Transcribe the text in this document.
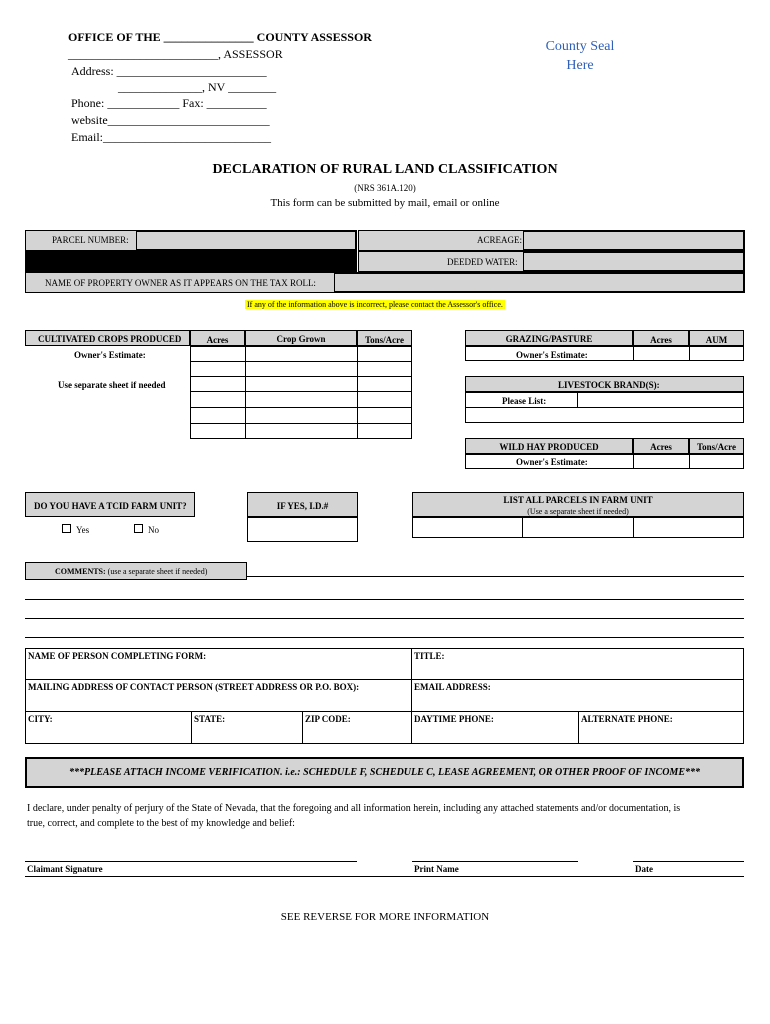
OFFICE OF THE _______________ COUNTY ASSESSOR
_________________________, ASSESSOR
Address: _________________________
______________, NV ________
Phone: ____________ Fax: __________
website___________________________
Email:____________________________
County Seal
Here
DECLARATION OF RURAL LAND CLASSIFICATION
(NRS 361A.120)
This form can be submitted by mail, email or online
PARCEL NUMBER:	ACREAGE:
DEEDED WATER:
NAME OF PROPERTY OWNER AS IT APPEARS ON THE TAX ROLL:
If any of the information above is incorrect, please contact the Assessor's office.
CULTIVATED CROPS PRODUCED	Acres	Crop Grown	Tons/Acre
Owner's Estimate:
Use separate sheet if needed
GRAZING/PASTURE	Acres	AUM
Owner's Estimate:
LIVESTOCK BRAND(S):
Please List:
WILD HAY PRODUCED	Acres	Tons/Acre
Owner's Estimate:
DO YOU HAVE A TCID FARM UNIT?
Yes	No
IF YES, I.D.#
LIST ALL PARCELS IN FARM UNIT
(Use a separate sheet if needed)
COMMENTS: (use a separate sheet if needed)
NAME OF PERSON COMPLETING FORM:	TITLE:
MAILING ADDRESS OF CONTACT PERSON (STREET ADDRESS OR P.O. BOX):	EMAIL ADDRESS:
CITY:	STATE:	ZIP CODE:	DAYTIME PHONE:	ALTERNATE PHONE:
***PLEASE ATTACH INCOME VERIFICATION. i.e.: SCHEDULE F, SCHEDULE C, LEASE AGREEMENT, OR OTHER PROOF OF INCOME***
I declare, under penalty of perjury of the State of Nevada, that the foregoing and all information herein, including any attached statements and/or documentation, is
true, correct, and complete to the best of my knowledge and belief:
Claimant Signature	Print Name	Date
SEE REVERSE FOR MORE INFORMATION
